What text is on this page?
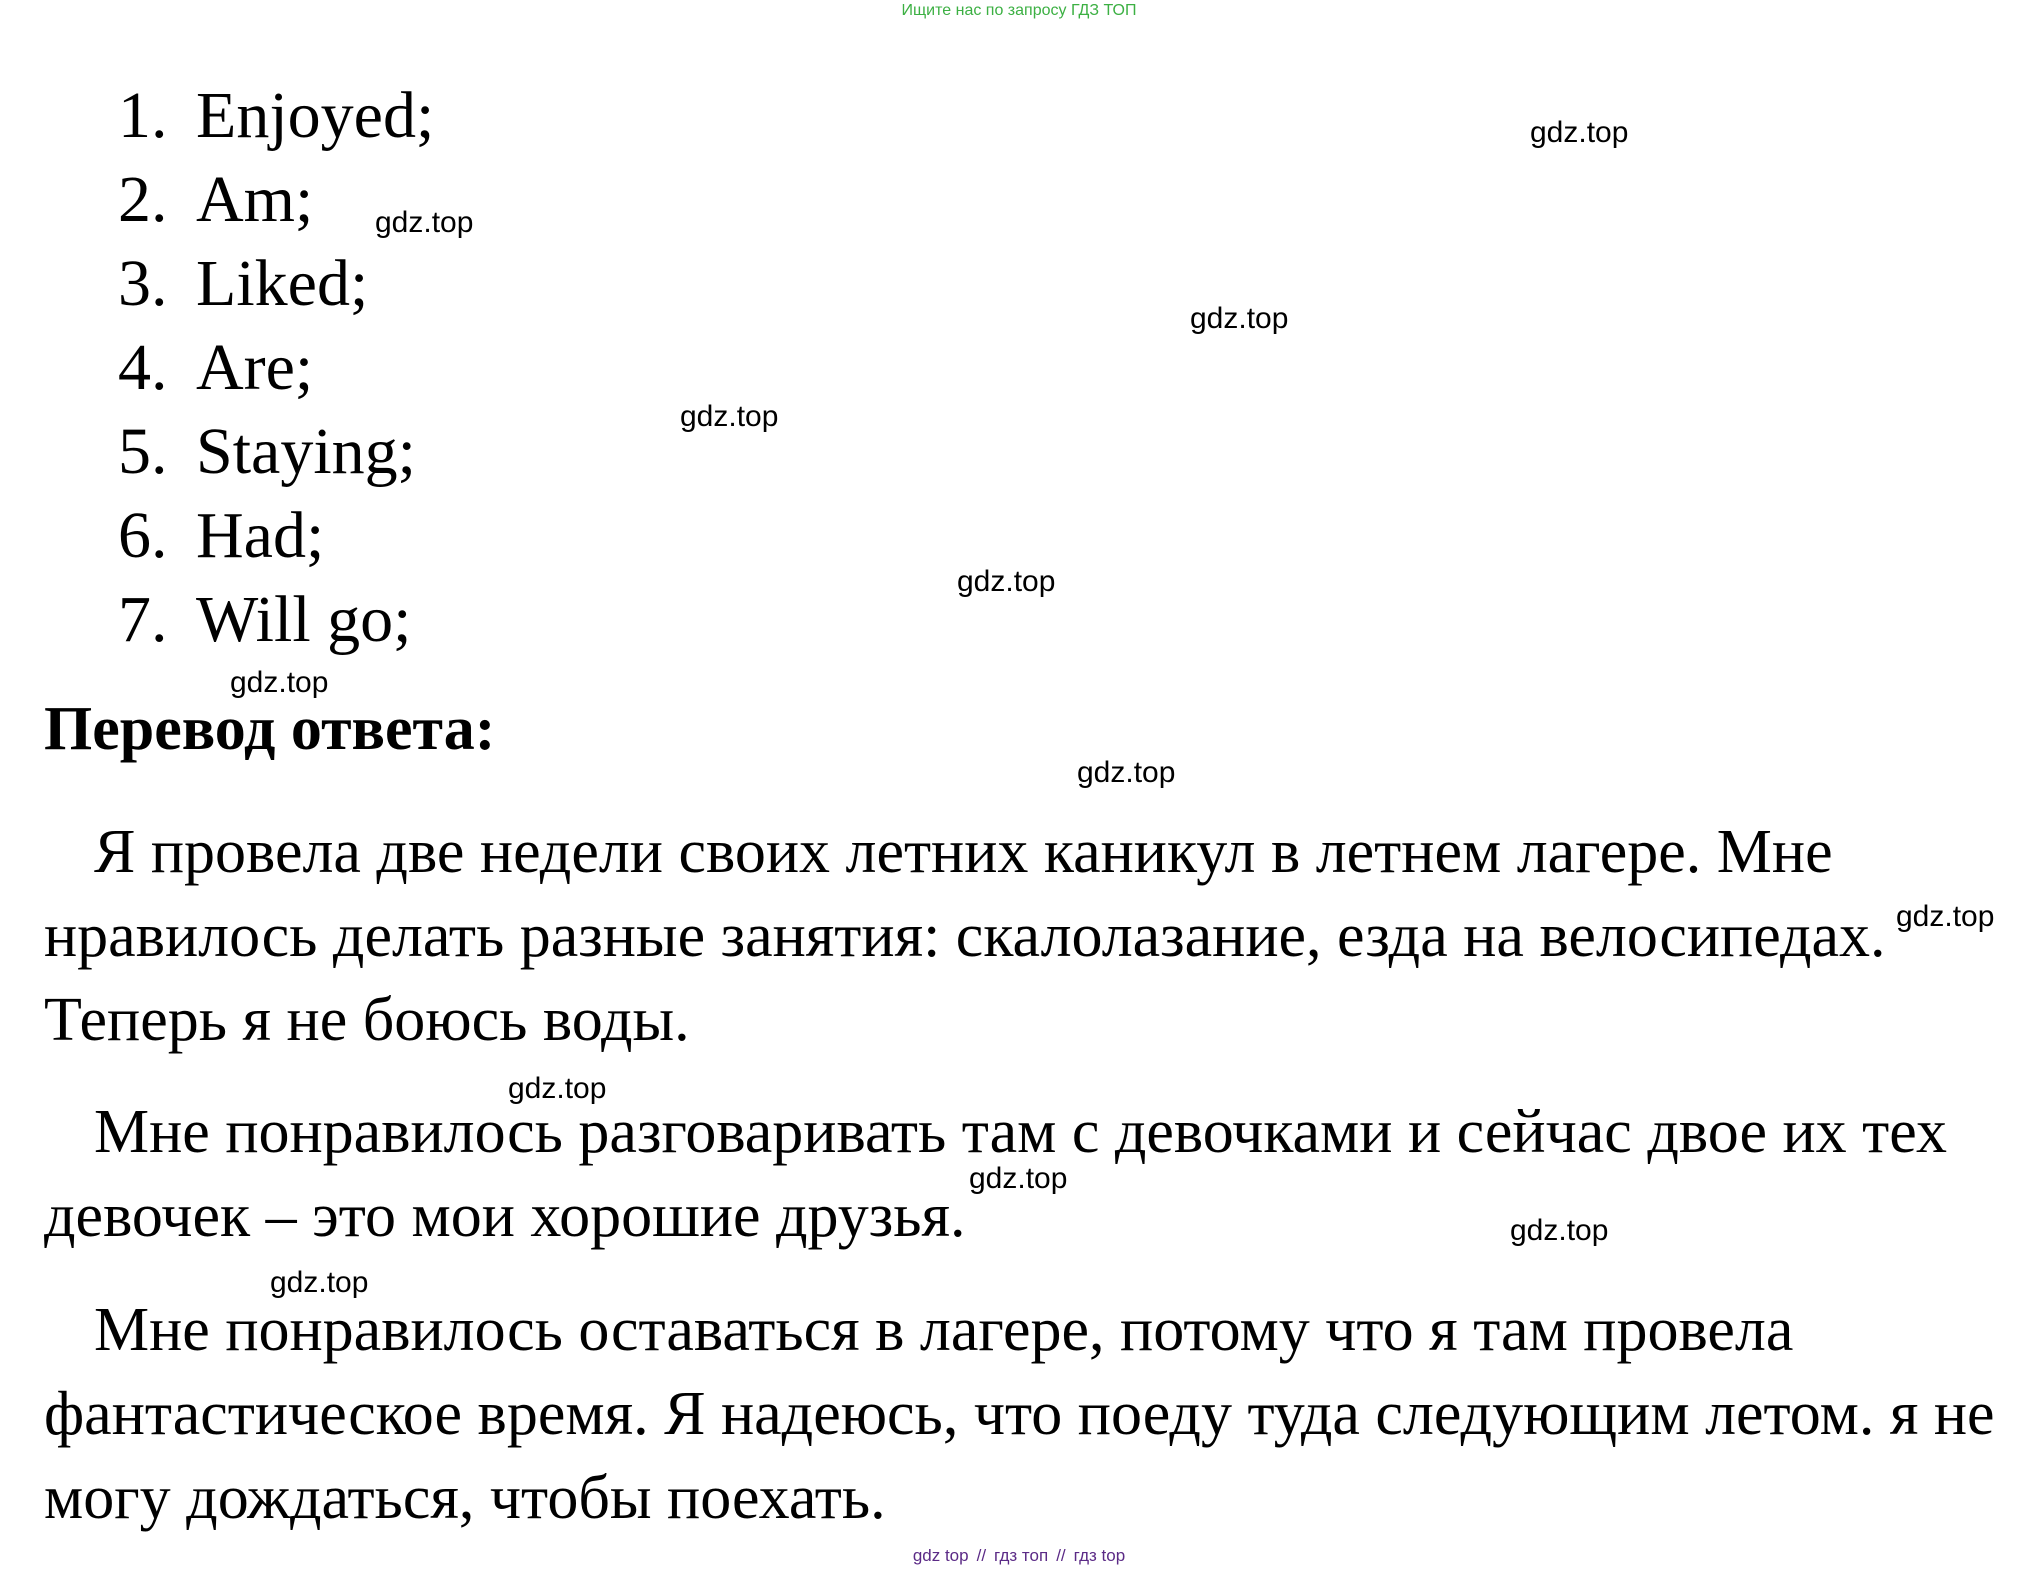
Ищите нас по запросу ГДЗ ТОП
1. Enjoyed;
2. Am;
3. Liked;
4. Are;
5. Staying;
6. Had;
7. Will go;
Перевод ответа:

Я провела две недели своих летних каникул в летнем лагере. Мне нравилось делать разные занятия: скалолазание, езда на велосипедах. Теперь я не боюсь воды.

Мне понравилось разговаривать там с девочками и сейчас двое их тех девочек – это мои хорошие друзья.

Мне понравилось оставаться в лагере, потому что я там провела фантастическое время. Я надеюсь, что поеду туда следующим летом. я не могу дождаться, чтобы поехать.

gdz.top
gdz.top
gdz.top
gdz.top
gdz.top
gdz.top
gdz.top
gdz.top
gdz.top
gdz.top
gdz.top
gdz.top
gdz top // гдз топ // гдз top
